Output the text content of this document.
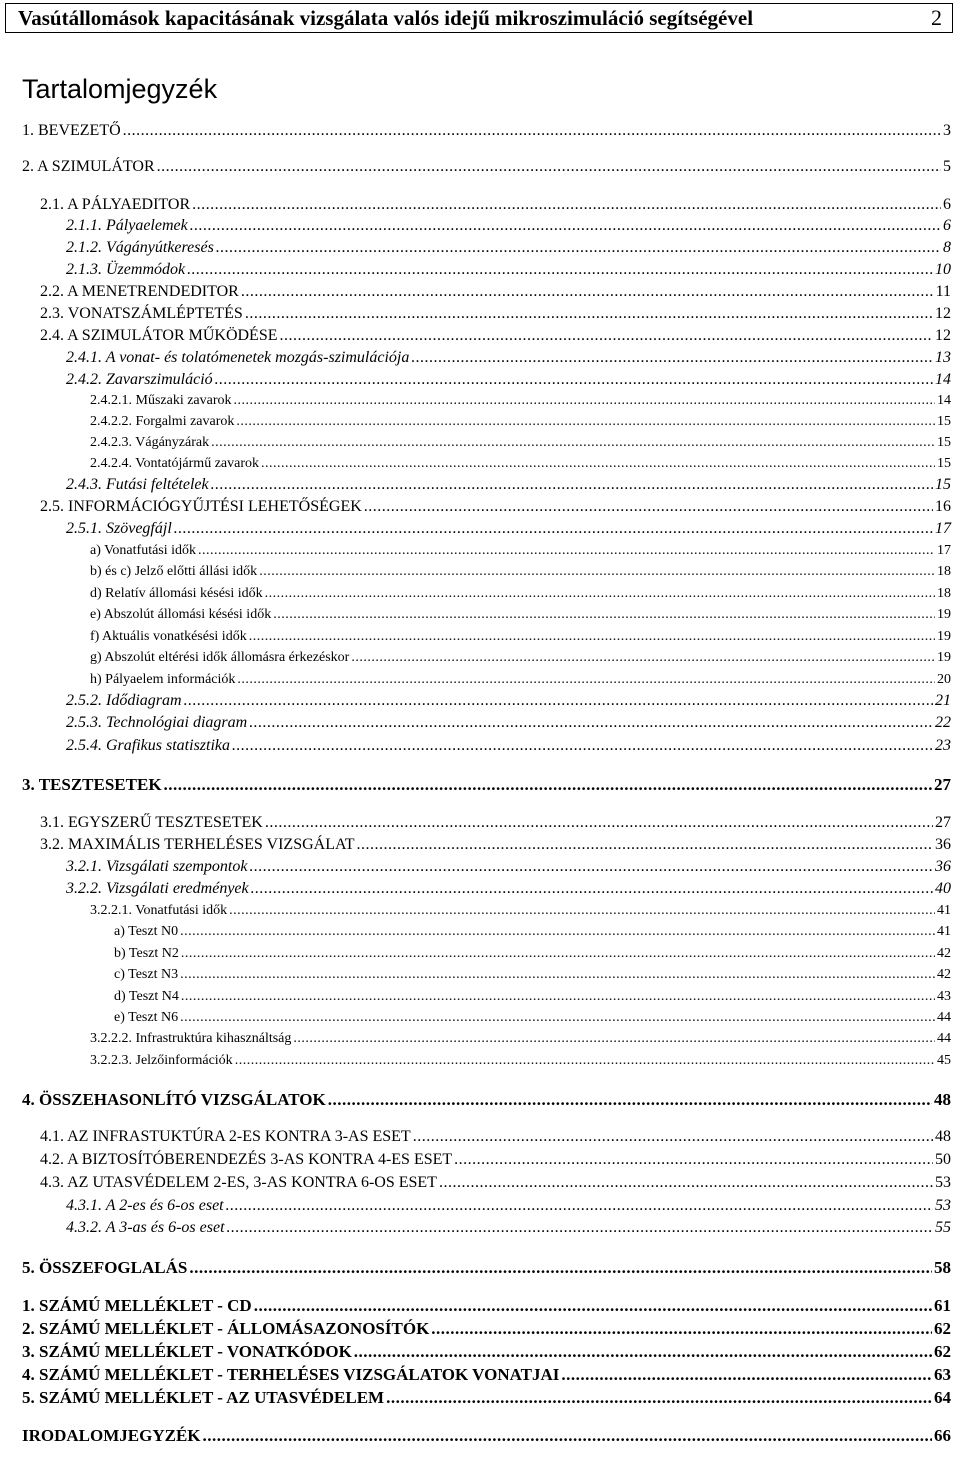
Vasútállomások kapacitásának vizsgálata valós idejű mikroszimuláció segítségével	2
Tartalomjegyzék
1. BEVEZETŐ .....	3
2. A SZIMULÁTOR .....	5
2.1. A PÁLYAEDITOR .....	6
2.1.1. Pályaelemek .....	6
2.1.2. Vágányútkeresés .....	8
2.1.3. Üzemmódok .....	10
2.2. A MENETRENDEDITOR .....	11
2.3. VONATSZÁMLÉPTETÉS .....	12
2.4. A SZIMULÁTOR MŰKÖDÉSE .....	12
2.4.1. A vonat- és tolatómenetek mozgás-szimulációja .....	13
2.4.2. Zavarszimuláció .....	14
2.4.2.1. Műszaki zavarok .....	14
2.4.2.2. Forgalmi zavarok .....	15
2.4.2.3. Vágányzárak .....	15
2.4.2.4. Vontatójármű zavarok .....	15
2.4.3. Futási feltételek .....	15
2.5. INFORMÁCIÓGYŰJTÉSI LEHETŐSÉGEK .....	16
2.5.1. Szövegfájl .....	17
a) Vonatfutási idők .....	17
b) és c) Jelző előtti állási idők .....	18
d) Relatív állomási késési idők .....	18
e) Abszolút állomási késési idők .....	19
f) Aktuális vonatkésési idők .....	19
g) Abszolút eltérési idők állomásra érkezéskor .....	19
h) Pályaelem információk .....	20
2.5.2. Idődiagram .....	21
2.5.3. Technológiai diagram .....	22
2.5.4. Grafikus statisztika .....	23
3. TESZTESETEK .....	27
3.1. EGYSZERŰ TESZTESETEK .....	27
3.2. MAXIMÁLIS TERHELÉSES VIZSGÁLAT .....	36
3.2.1. Vizsgálati szempontok .....	36
3.2.2. Vizsgálati eredmények .....	40
3.2.2.1. Vonatfutási idők .....	41
a) Teszt N0 .....	41
b) Teszt N2 .....	42
c) Teszt N3 .....	42
d) Teszt N4 .....	43
e) Teszt N6 .....	44
3.2.2.2. Infrastruktúra kihasználtság .....	44
3.2.2.3. Jelzőinformációk .....	45
4. ÖSSZEHASONLÍTÓ VIZSGÁLATOK .....	48
4.1. AZ INFRASTUKTÚRA 2-ES KONTRA 3-AS ESET .....	48
4.2. A BIZTOSÍTÓBERENDEZÉS 3-AS KONTRA 4-ES ESET .....	50
4.3. AZ UTASVÉDELEM 2-ES, 3-AS KONTRA 6-OS ESET .....	53
4.3.1. A 2-es és 6-os eset .....	53
4.3.2. A 3-as és 6-os eset .....	55
5. ÖSSZEFOGLALÁS .....	58
1. SZÁMÚ MELLÉKLET - CD .....	61
2. SZÁMÚ MELLÉKLET - ÁLLOMÁSAZONOSÍTÓK .....	62
3. SZÁMÚ MELLÉKLET - VONATKÓDOK .....	62
4. SZÁMÚ MELLÉKLET - TERHELÉSES VIZSGÁLATOK VONATJAI .....	63
5. SZÁMÚ MELLÉKLET - AZ UTASVÉDELEM .....	64
IRODALOMJEGYZÉK .....	66
